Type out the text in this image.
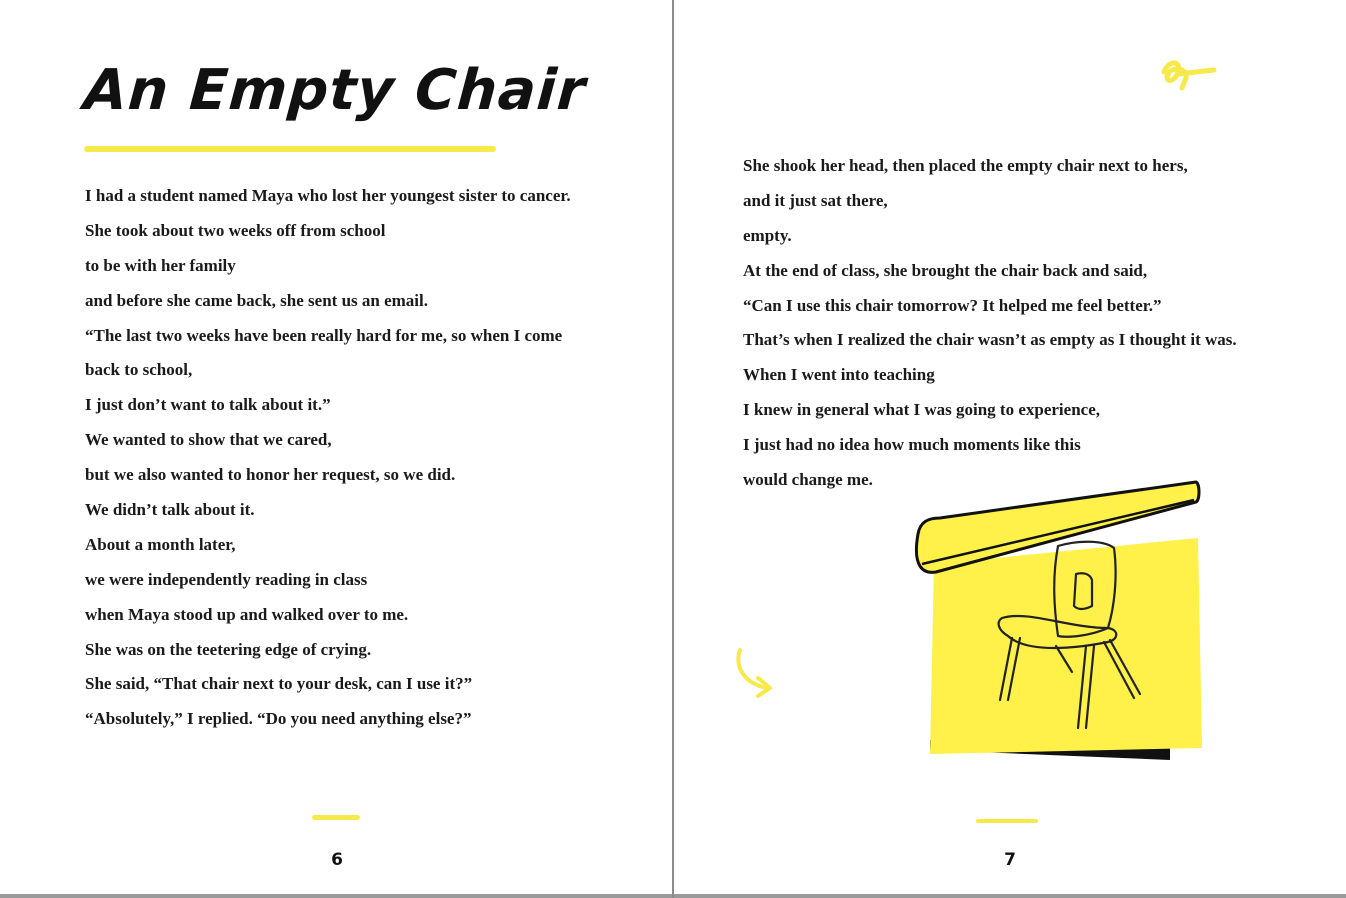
An Empty Chair
I had a student named Maya who lost her youngest sister to cancer.
She took about two weeks off from school
to be with her family
and before she came back, she sent us an email.
“The last two weeks have been really hard for me, so when I come
back to school,
I just don’t want to talk about it.”
We wanted to show that we cared,
but we also wanted to honor her request, so we did.
We didn’t talk about it.
About a month later,
we were independently reading in class
when Maya stood up and walked over to me.
She was on the teetering edge of crying.
She said, “That chair next to your desk, can I use it?”
“Absolutely,” I replied. “Do you need anything else?”
6
She shook her head, then placed the empty chair next to hers,
and it just sat there,
empty.
At the end of class, she brought the chair back and said,
“Can I use this chair tomorrow? It helped me feel better.”
That’s when I realized the chair wasn’t as empty as I thought it was.
When I went into teaching
I knew in general what I was going to experience,
I just had no idea how much moments like this
would change me.
7
